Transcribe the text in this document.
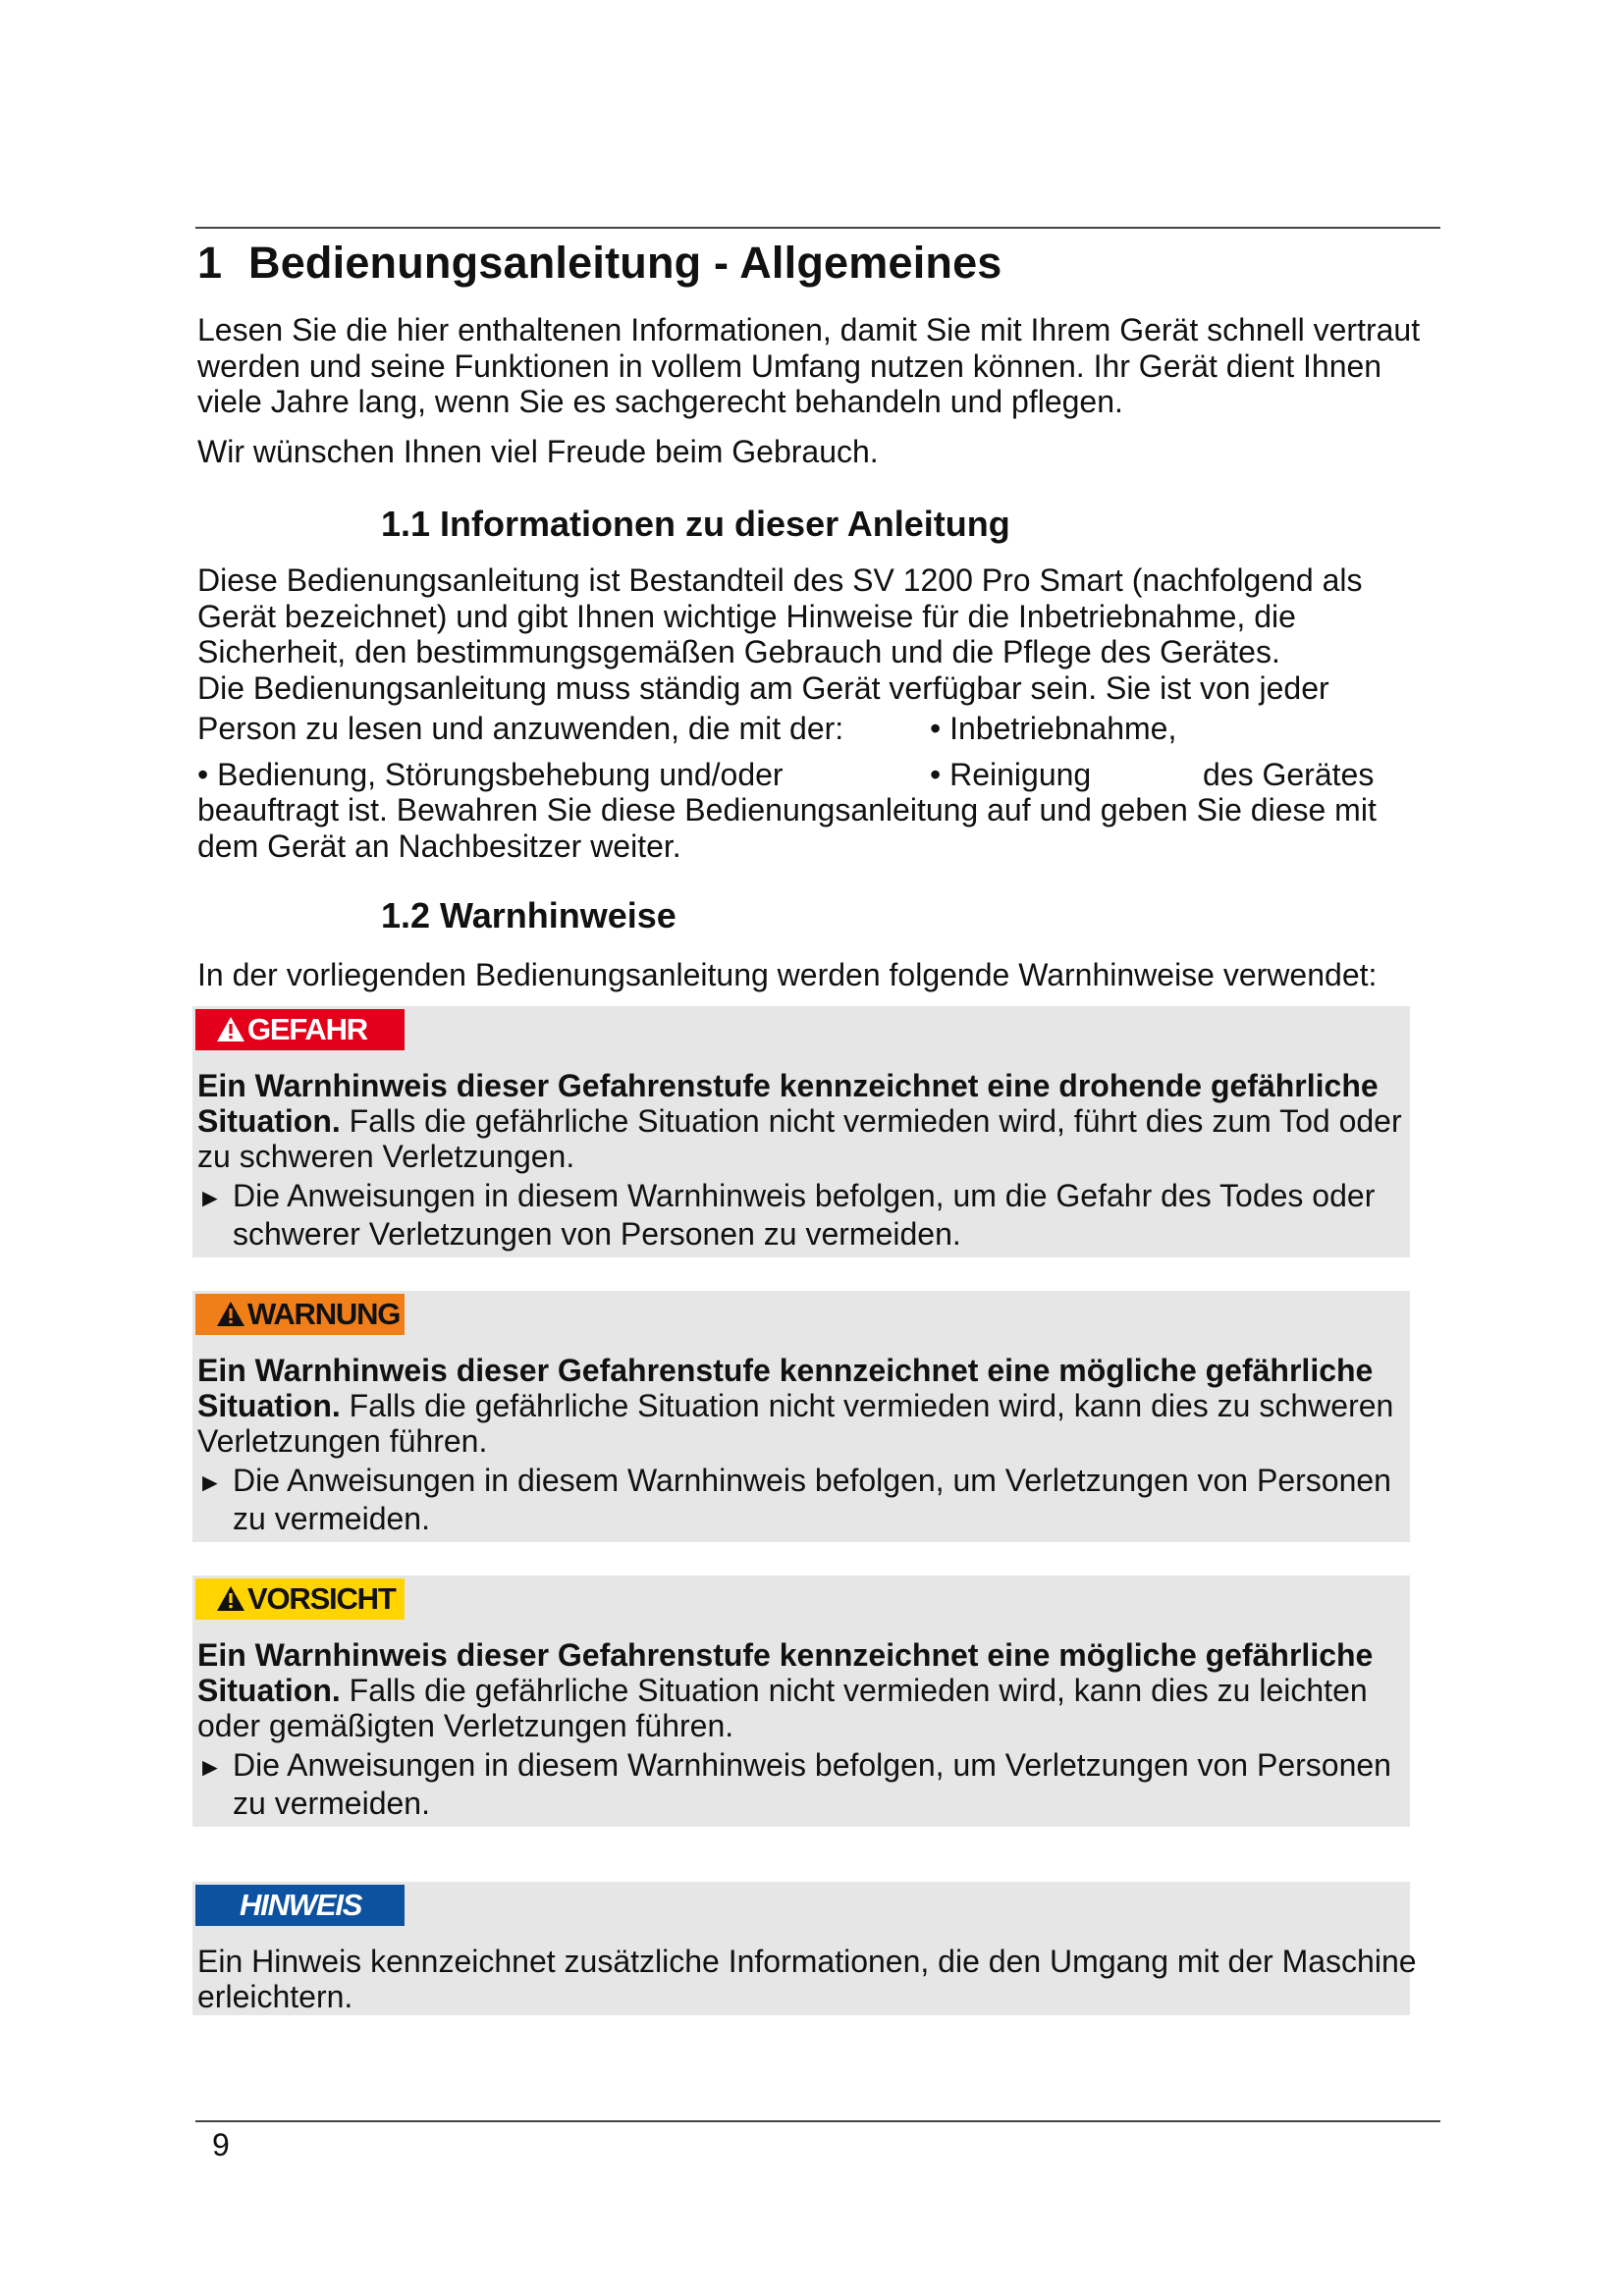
1 Bedienungsanleitung - Allgemeines
Lesen Sie die hier enthaltenen Informationen, damit Sie mit Ihrem Gerät schnell vertraut
werden und seine Funktionen in vollem Umfang nutzen können. Ihr Gerät dient Ihnen
viele Jahre lang, wenn Sie es sachgerecht behandeln und pflegen.
Wir wünschen Ihnen viel Freude beim Gebrauch.
1.1 Informationen zu dieser Anleitung
Diese Bedienungsanleitung ist Bestandteil des SV 1200 Pro Smart (nachfolgend als
Gerät bezeichnet) und gibt Ihnen wichtige Hinweise für die Inbetriebnahme, die
Sicherheit, den bestimmungsgemäßen Gebrauch und die Pflege des Gerätes.
Die Bedienungsanleitung muss ständig am Gerät verfügbar sein. Sie ist von jeder
Person zu lesen und anzuwenden, die mit der:	• Inbetriebnahme,
• Bedienung, Störungsbehebung und/oder	• Reinigung	des Gerätes
beauftragt ist. Bewahren Sie diese Bedienungsanleitung auf und geben Sie diese mit
dem Gerät an Nachbesitzer weiter.
1.2 Warnhinweise
In der vorliegenden Bedienungsanleitung werden folgende Warnhinweise verwendet:
GEFAHR
Ein Warnhinweis dieser Gefahrenstufe kennzeichnet eine drohende gefährliche
Situation. Falls die gefährliche Situation nicht vermieden wird, führt dies zum Tod oder
zu schweren Verletzungen.
► Die Anweisungen in diesem Warnhinweis befolgen, um die Gefahr des Todes oder
schwerer Verletzungen von Personen zu vermeiden.
WARNUNG
Ein Warnhinweis dieser Gefahrenstufe kennzeichnet eine mögliche gefährliche
Situation. Falls die gefährliche Situation nicht vermieden wird, kann dies zu schweren
Verletzungen führen.
► Die Anweisungen in diesem Warnhinweis befolgen, um Verletzungen von Personen
zu vermeiden.
VORSICHT
Ein Warnhinweis dieser Gefahrenstufe kennzeichnet eine mögliche gefährliche
Situation. Falls die gefährliche Situation nicht vermieden wird, kann dies zu leichten
oder gemäßigten Verletzungen führen.
► Die Anweisungen in diesem Warnhinweis befolgen, um Verletzungen von Personen
zu vermeiden.
HINWEIS
Ein Hinweis kennzeichnet zusätzliche Informationen, die den Umgang mit der Maschine
erleichtern.
9
